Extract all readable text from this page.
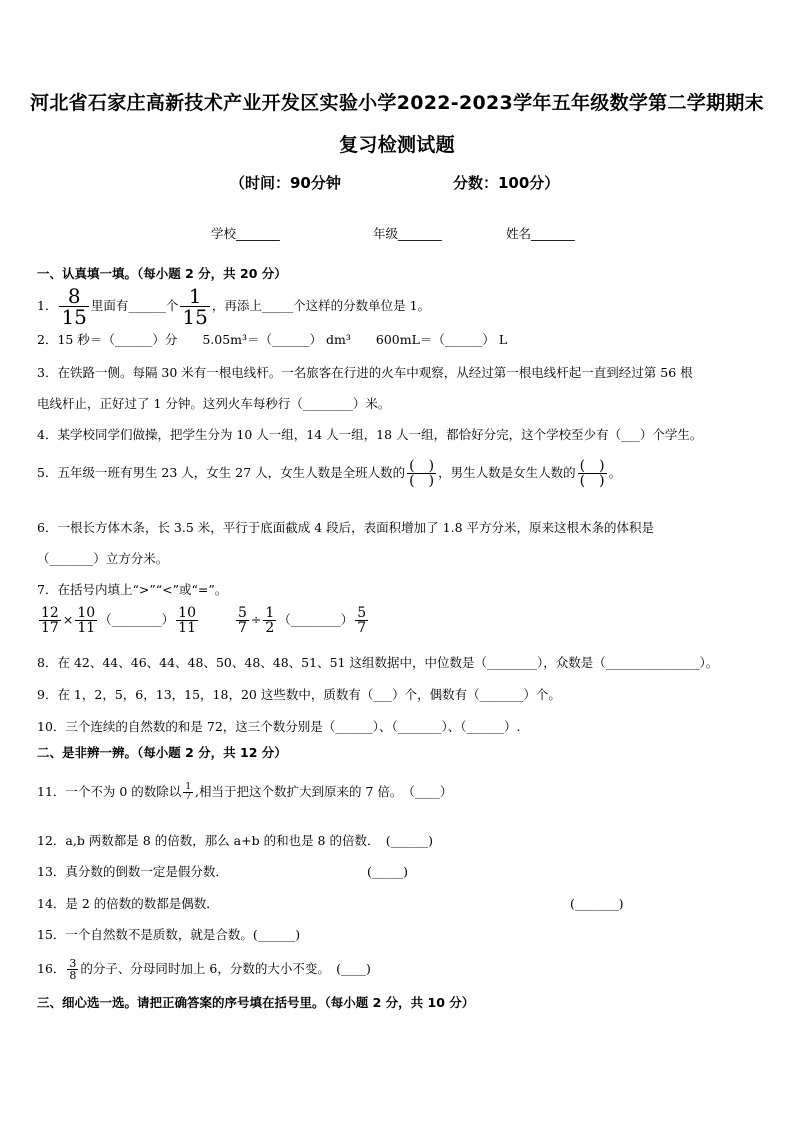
河北省石家庄高新技术产业开发区实验小学2022-2023学年五年级数学第二学期期末
复习检测试题
（时间：90分钟	分数：100分）
学校_______	年级_______	姓名_______
一、认真填一填。（每小题 2 分，共 20 分）
1． $\frac{8}{15}$ 里面有______个 $\frac{1}{15}$ ，再添上_____个这样的分数单位是 1。
2．15 秒＝（______）分　　5.05m³＝（______） dm³　　600mL＝（______） L
3．在铁路一侧。每隔 30 米有一根电线杆。一名旅客在行进的火车中观察，从经过第一根电线杆起一直到经过第 56 根
电线杆止，正好过了 1 分钟。这列火车每秒行（________）米。
4．某学校同学们做操，把学生分为 10 人一组，14 人一组，18 人一组，都恰好分完，这个学校至少有（___）个学生。
5．五年级一班有男生 23 人，女生 27 人，女生人数是全班人数的 $\frac{( )}{( )}$ ，男生人数是女生人数的 $\frac{( )}{( )}$ 。
6．一根长方体木条，长 3.5 米，平行于底面截成 4 段后，表面积增加了 1.8 平方分米，原来这根木条的体积是
（_______）立方分米。
7．在括号内填上“>”“<”或“=”。
$\frac{12}{17} \times \frac{10}{11}$ （________） $\frac{10}{11}$
	$\frac{5}{7} \div \frac{1}{2}$ （________） $\frac{5}{7}$
8．在 42、44、46、44、48、50、48、48、51、51 这组数据中，中位数是（________），众数是（_______________）。
9．在 1，2，5，6，13，15，18，20 这些数中，质数有（___）个，偶数有（_______）个。
10．三个连续的自然数的和是 72，这三个数分别是（______）、（_______）、（______）.
二、是非辨一辨。（每小题 2 分，共 12 分）
11．一个不为 0 的数除以 $\frac{1}{7}$ ,相当于把这个数扩大到原来的 7 倍。　（____）
12．a,b 两数都是 8 的倍数，那么 a+b 的和也是 8 的倍数．　(______)
13．真分数的倒数一定是假分数．	(_____)
14．是 2 的倍数的数都是偶数．	(_______)
15．一个自然数不是质数，就是合数。(______)
16． $\frac{3}{8}$ 的分子、分母同时加上 6，分数的大小不变。　(____)
三、细心选一选。请把正确答案的序号填在括号里。（每小题 2 分，共 10 分）
